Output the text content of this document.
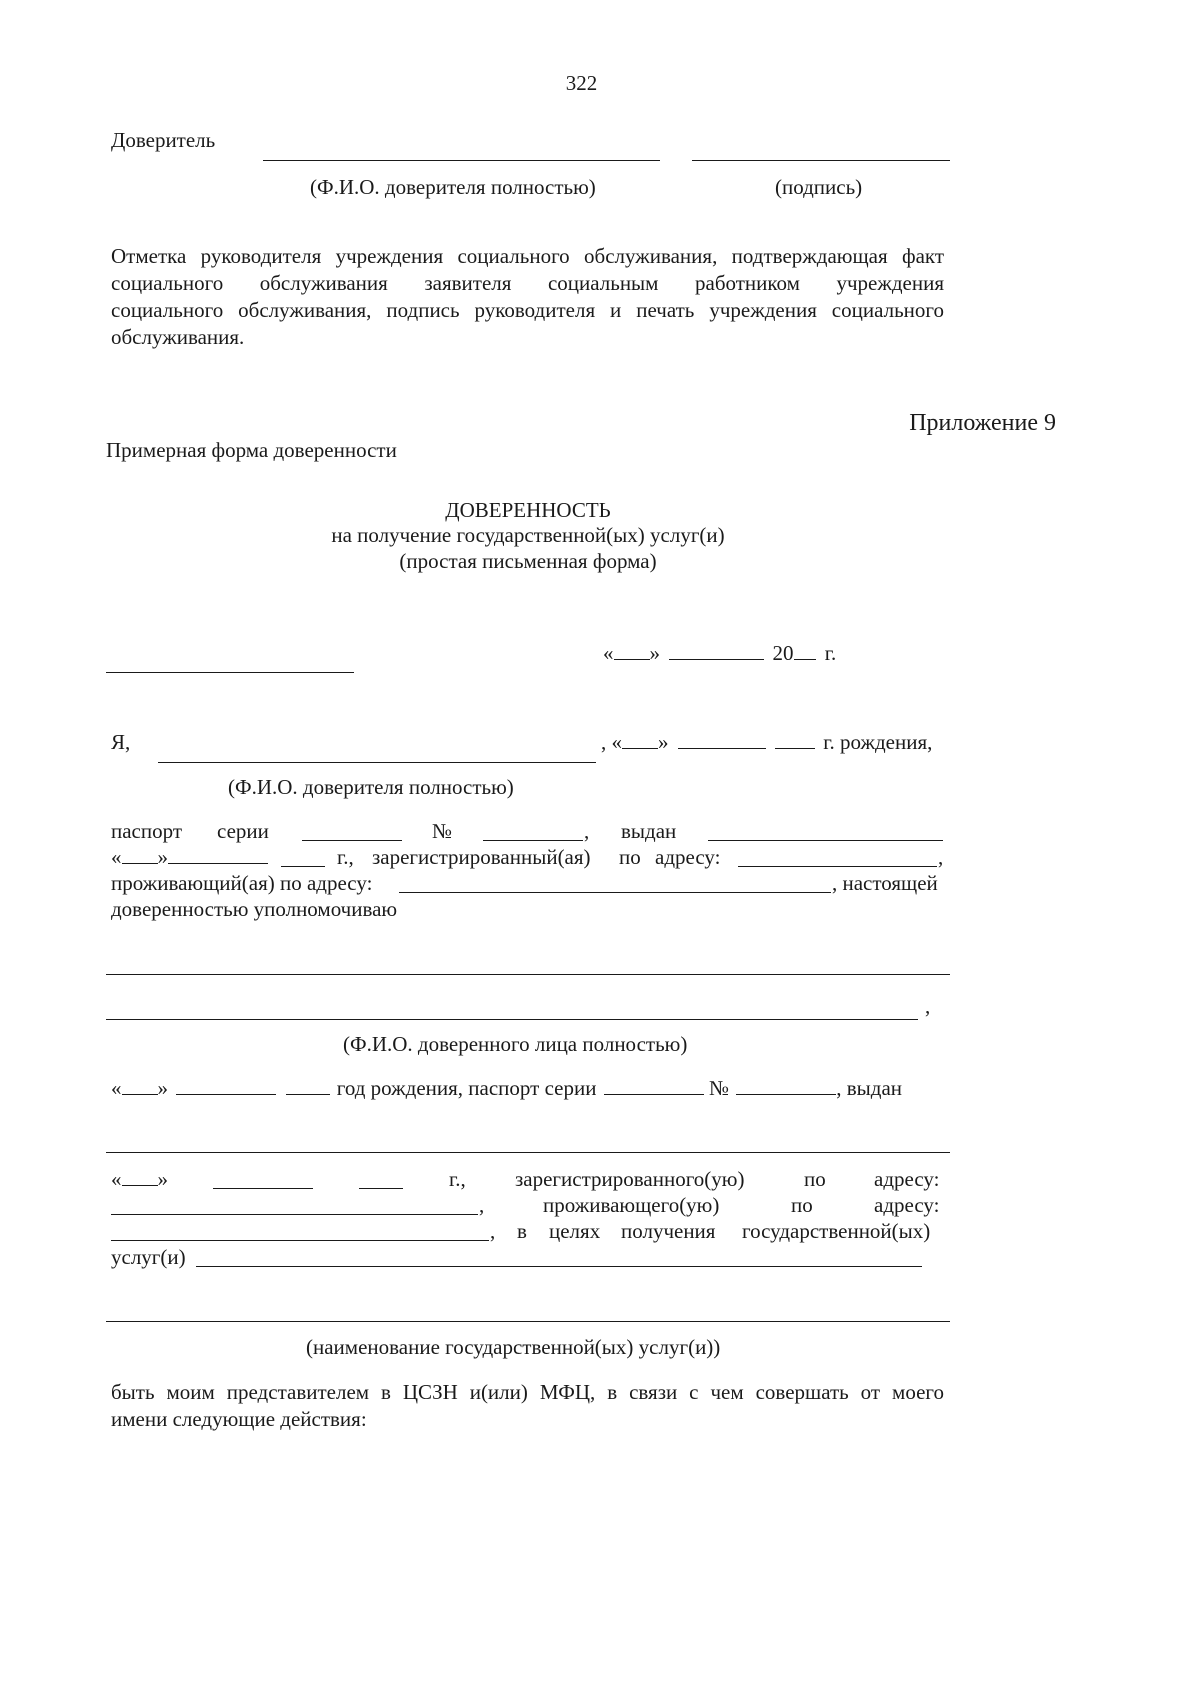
322
Доверитель
(Ф.И.О. доверителя полностью)	(подпись)
Отметка руководителя учреждения социального обслуживания, подтверждающая факт
социального обслуживания заявителя социальным работником учреждения
социального обслуживания, подпись руководителя и печать учреждения социального
обслуживания.
Приложение 9
Примерная форма доверенности
ДОВЕРЕННОСТЬ
на получение государственной(ых) услуг(и)
(простая письменная форма)
« »	20 г.
Я,	, « »	г. рождения,
(Ф.И.О. доверителя полностью)
паспорт серии	№	, выдан
« »	г., зарегистрированный(ая) по адресу:	,
проживающий(ая) по адресу:	, настоящей
доверенностью уполномочиваю
,
(Ф.И.О. доверенного лица полностью)
« »	год рождения, паспорт серии	№	, выдан
« »	г., зарегистрированного(ую)	по адресу:
,	проживающего(ую)	по	адресу:
, в целях получения государственной(ых)
услуг(и)
(наименование государственной(ых) услуг(и))
быть моим представителем в ЦСЗН и(или) МФЦ, в связи с чем совершать от моего
имени следующие действия:
